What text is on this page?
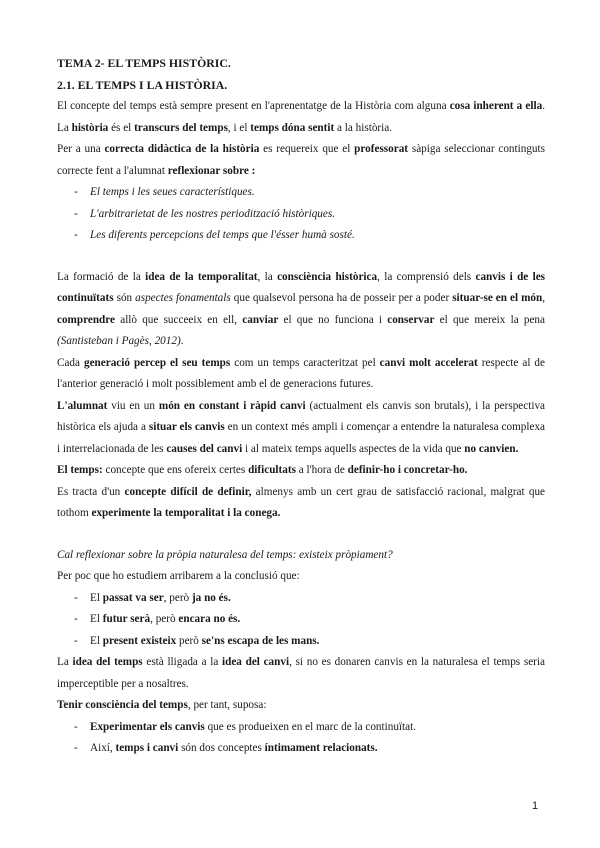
TEMA 2- EL TEMPS HISTÒRIC.
2.1. EL TEMPS I LA HISTÒRIA.

El concepte del temps està sempre present en l'aprenentatge de la Història com alguna cosa inherent a ella. La història és el transcurs del temps, i el temps dóna sentit a la història.

Per a una correcta didàctica de la història es requereix que el professorat sàpiga seleccionar continguts correcte fent a l'alumnat reflexionar sobre :

- El temps i les seues característiques.
- L'arbitrarietat de les nostres periodització històriques.
- Les diferents percepcions del temps que l'ésser humà sosté.

La formació de la idea de la temporalitat, la consciència històrica, la comprensió dels canvis i de les continuïtats són aspectes fonamentals que qualsevol persona ha de posseir per a poder situar-se en el món, comprendre allò que succeeix en ell, canviar el que no funciona i conservar el que mereix la pena (Santisteban i Pagès, 2012).

Cada generació percep el seu temps com un temps caracteritzat pel canvi molt accelerat respecte al de l'anterior generació i molt possiblement amb el de generacions futures.

L'alumnat viu en un món en constant i ràpid canvi (actualment els canvis son brutals), i la perspectiva històrica els ajuda a situar els canvis en un context més ampli i començar a entendre la naturalesa complexa i interrelacionada de les causes del canvi i al mateix temps aquells aspectes de la vida que no canvien.

El temps: concepte que ens ofereix certes dificultats a l'hora de definir-ho i concretar-ho.

Es tracta d'un concepte difícil de definir, almenys amb un cert grau de satisfacció racional, malgrat que tothom experimente la temporalitat i la conega.

Cal reflexionar sobre la pròpia naturalesa del temps: existeix pròpiament?

Per poc que ho estudiem arribarem a la conclusió que:

- El passat va ser, però ja no és.
- El futur serà, però encara no és.
- El present existeix però se'ns escapa de les mans.

La idea del temps està lligada a la idea del canvi, si no es donaren canvis en la naturalesa el temps seria imperceptible per a nosaltres.

Tenir consciència del temps, per tant, suposa:

- Experimentar els canvis que es produeixen en el marc de la continuïtat.
- Així, temps i canvi són dos conceptes íntimament relacionats.
1
